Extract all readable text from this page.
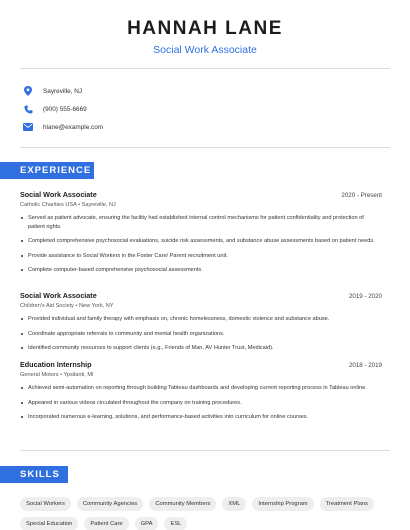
HANNAH LANE
Social Work Associate
Sayreville, NJ
(900) 555-6669
hlane@example.com
EXPERIENCE
Social Work Associate	2020 - Present
Catholic Charities USA • Sayreville, NJ
Served as patient advocate, ensuring the facility had established internal control mechanisms for patient confidentiality and protection of patient rights.
Completed comprehensive psychosocial evaluations, suicide risk assessments, and substance abuse assessments based on patient needs.
Provide assistance to Social Workers in the Foster Care/ Parent recruitment unit.
Complete computer-based comprehensive psychosocial assessments.
Social Work Associate	2019 - 2020
Children's Aid Society • New York, NY
Provided individual and family therapy with emphasis on, chronic homelessness, domestic violence and substance abuse.
Coordinate appropriate referrals to community and mental health organizations.
Identified community resources to support clients (e.g., Friends of Man, AV Hunter Trust, Medicaid).
Education Internship	2018 - 2019
General Motors • Ypsilanti, MI
Achieved semi-automation on reporting through building Tableau dashboards and developing current reporting process in Tableau online.
Appeared in various videos circulated throughout the company on training procedures.
Incorporated numerous e-learning, solutions, and performance-based activities into curriculum for online courses.
SKILLS
Social Workers	Community Agencies	Community Members	XML	Internship Program	Treatment Plans
Special Education	Patient Care	GPA	ESL
